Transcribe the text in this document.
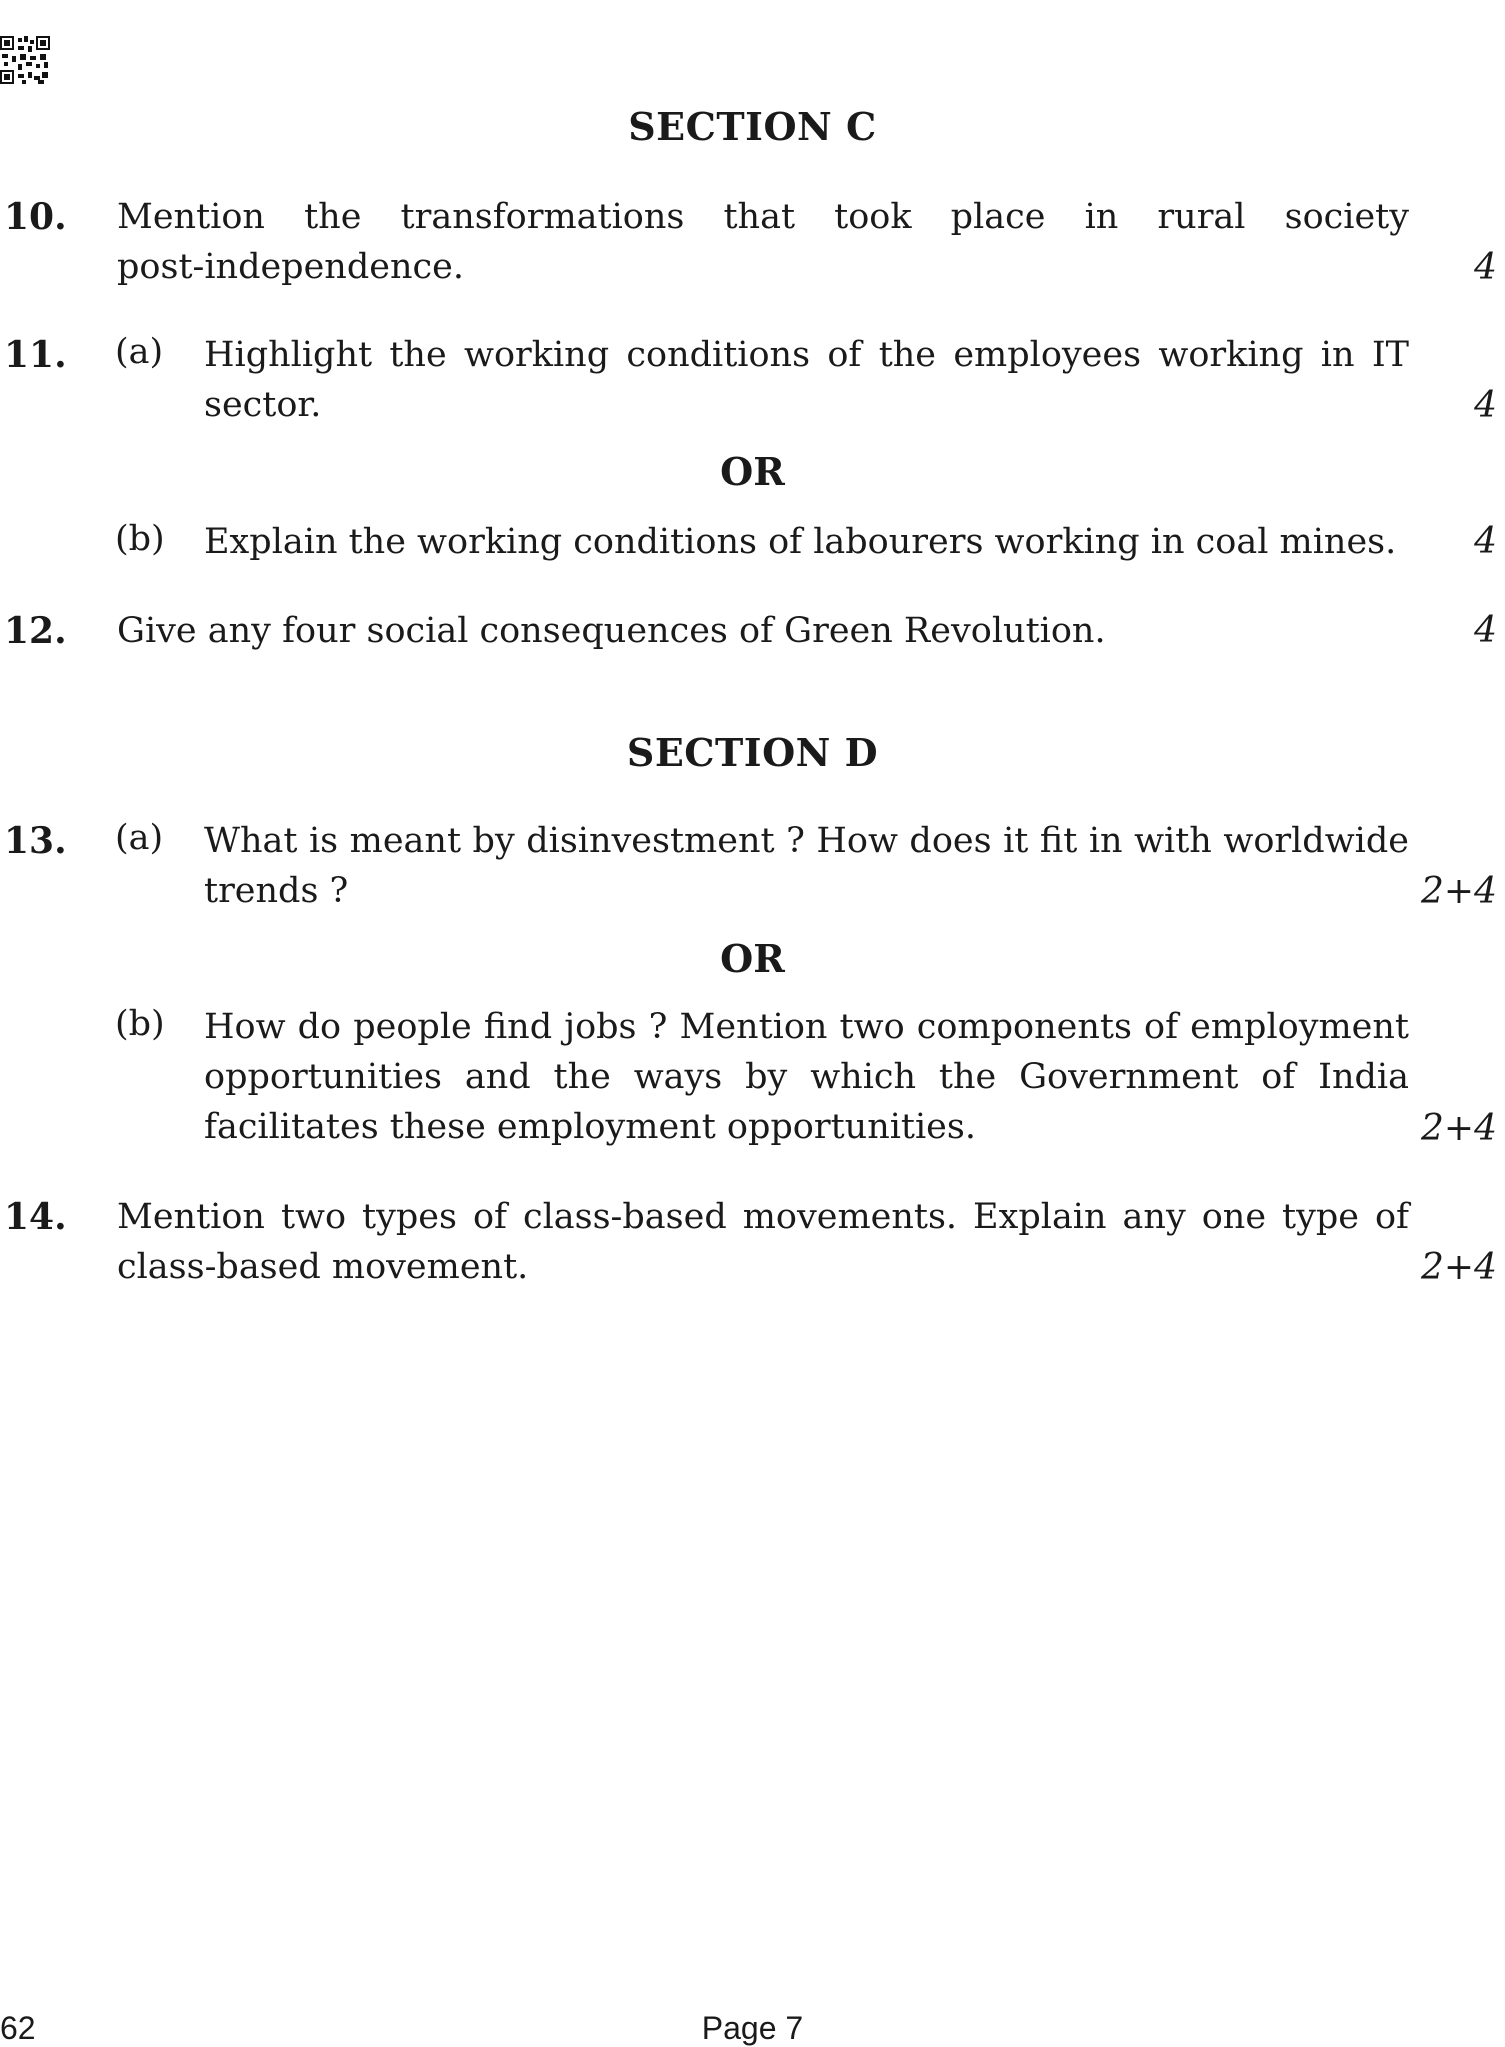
SECTION C
10. Mention the transformations that took place in rural society
post-independence.	4
11. (a) Highlight the working conditions of the employees working in IT
sector.	4
OR
(b) Explain the working conditions of labourers working in coal mines.	4
12. Give any four social consequences of Green Revolution.	4
SECTION D
13. (a) What is meant by disinvestment ? How does it fit in with worldwide
trends ?	2+4
OR
(b) How do people find jobs ? Mention two components of employment
opportunities and the ways by which the Government of India
facilitates these employment opportunities.	2+4
14. Mention two types of class-based movements. Explain any one type of
class-based movement.	2+4
62	Page 7
